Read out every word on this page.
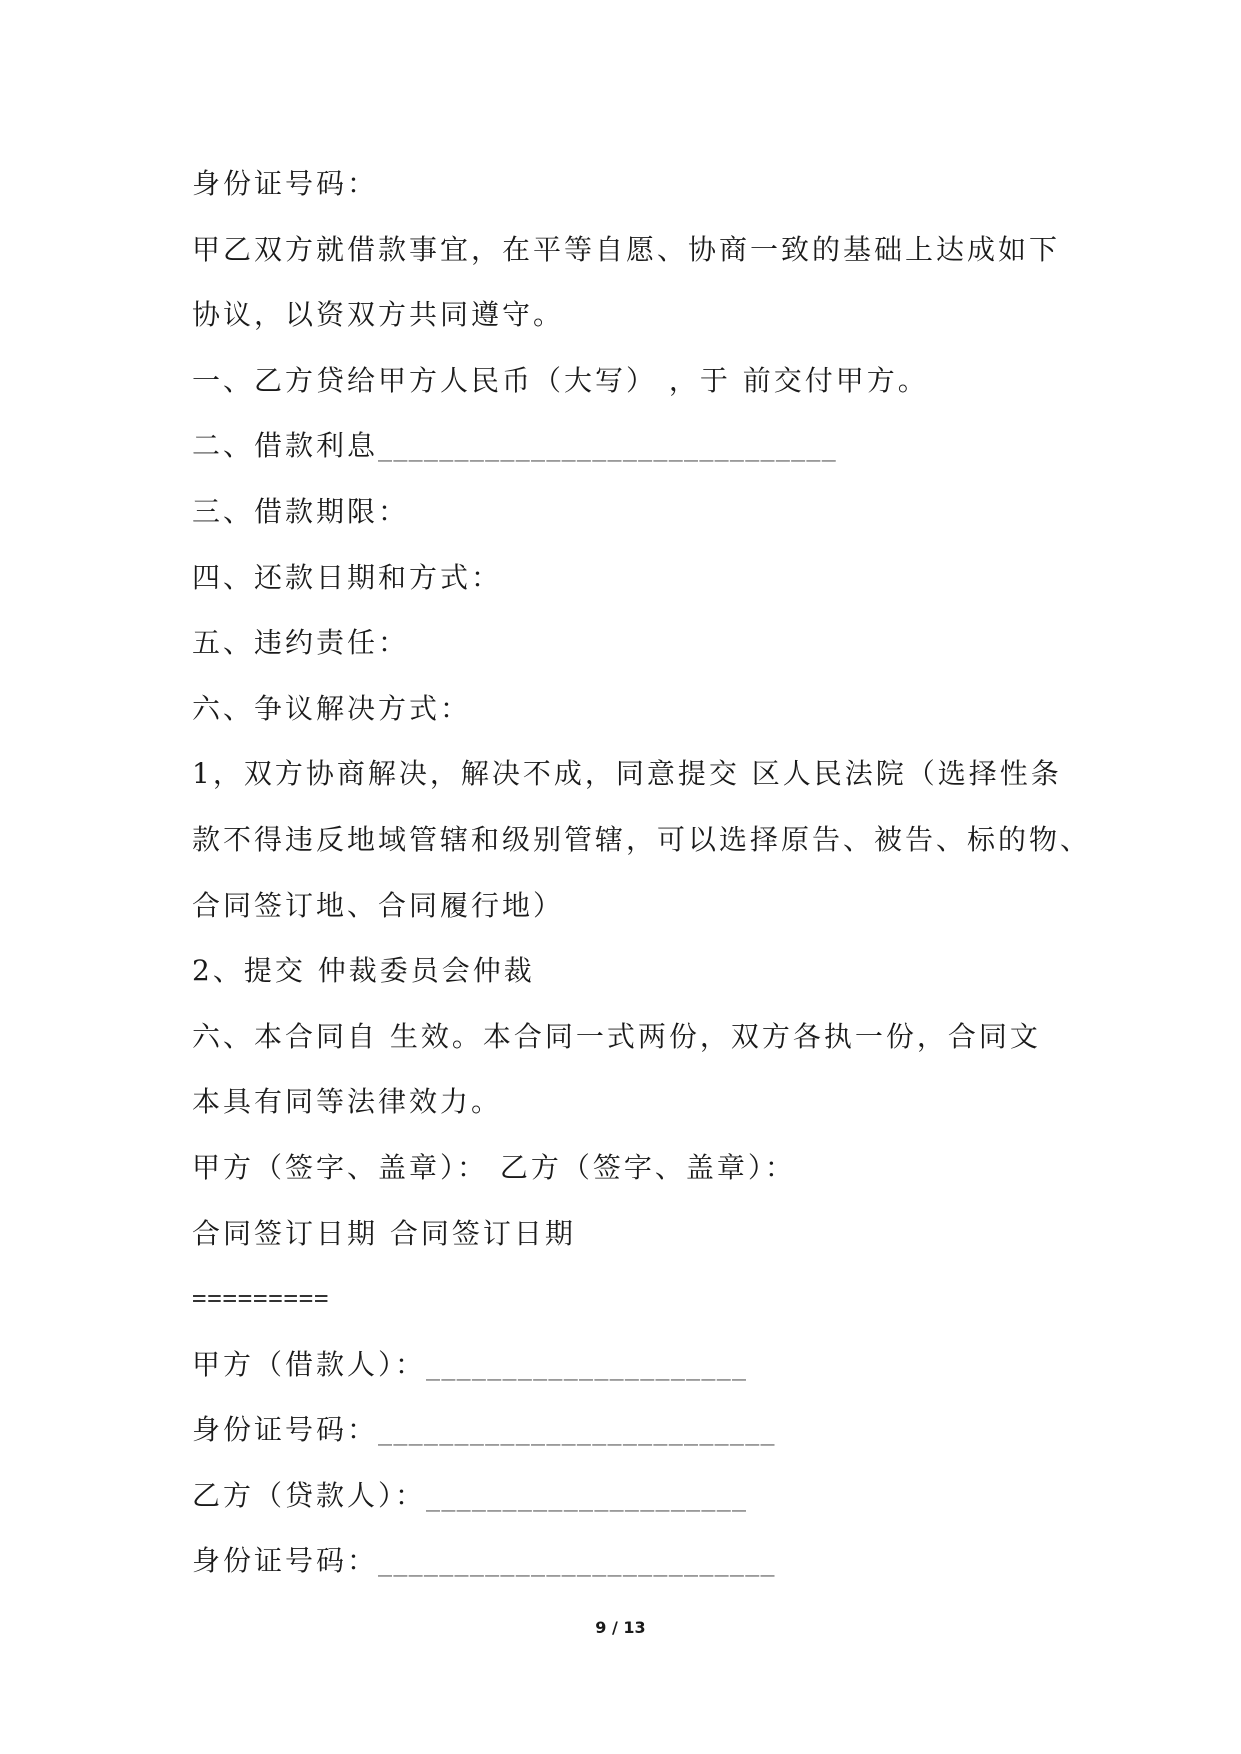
身份证号码：
甲乙双方就借款事宜，在平等自愿、协商一致的基础上达成如下
协议，以资双方共同遵守。
一、乙方贷给甲方人民币（大写） ，于 前交付甲方。
二、借款利息______________________________
三、借款期限：
四、还款日期和方式：
五、违约责任：
六、争议解决方式：
1，双方协商解决，解决不成，同意提交 区人民法院（选择性条
款不得违反地域管辖和级别管辖，可以选择原告、被告、标的物、
合同签订地、合同履行地）
2、提交 仲裁委员会仲裁
六、本合同自 生效。本合同一式两份，双方各执一份，合同文
本具有同等法律效力。
甲方（签字、盖章）： 乙方（签字、盖章）：
合同签订日期 合同签订日期
=========
甲方（借款人）：_____________________
身份证号码：__________________________
乙方（贷款人）：_____________________
身份证号码：__________________________
9 / 13
